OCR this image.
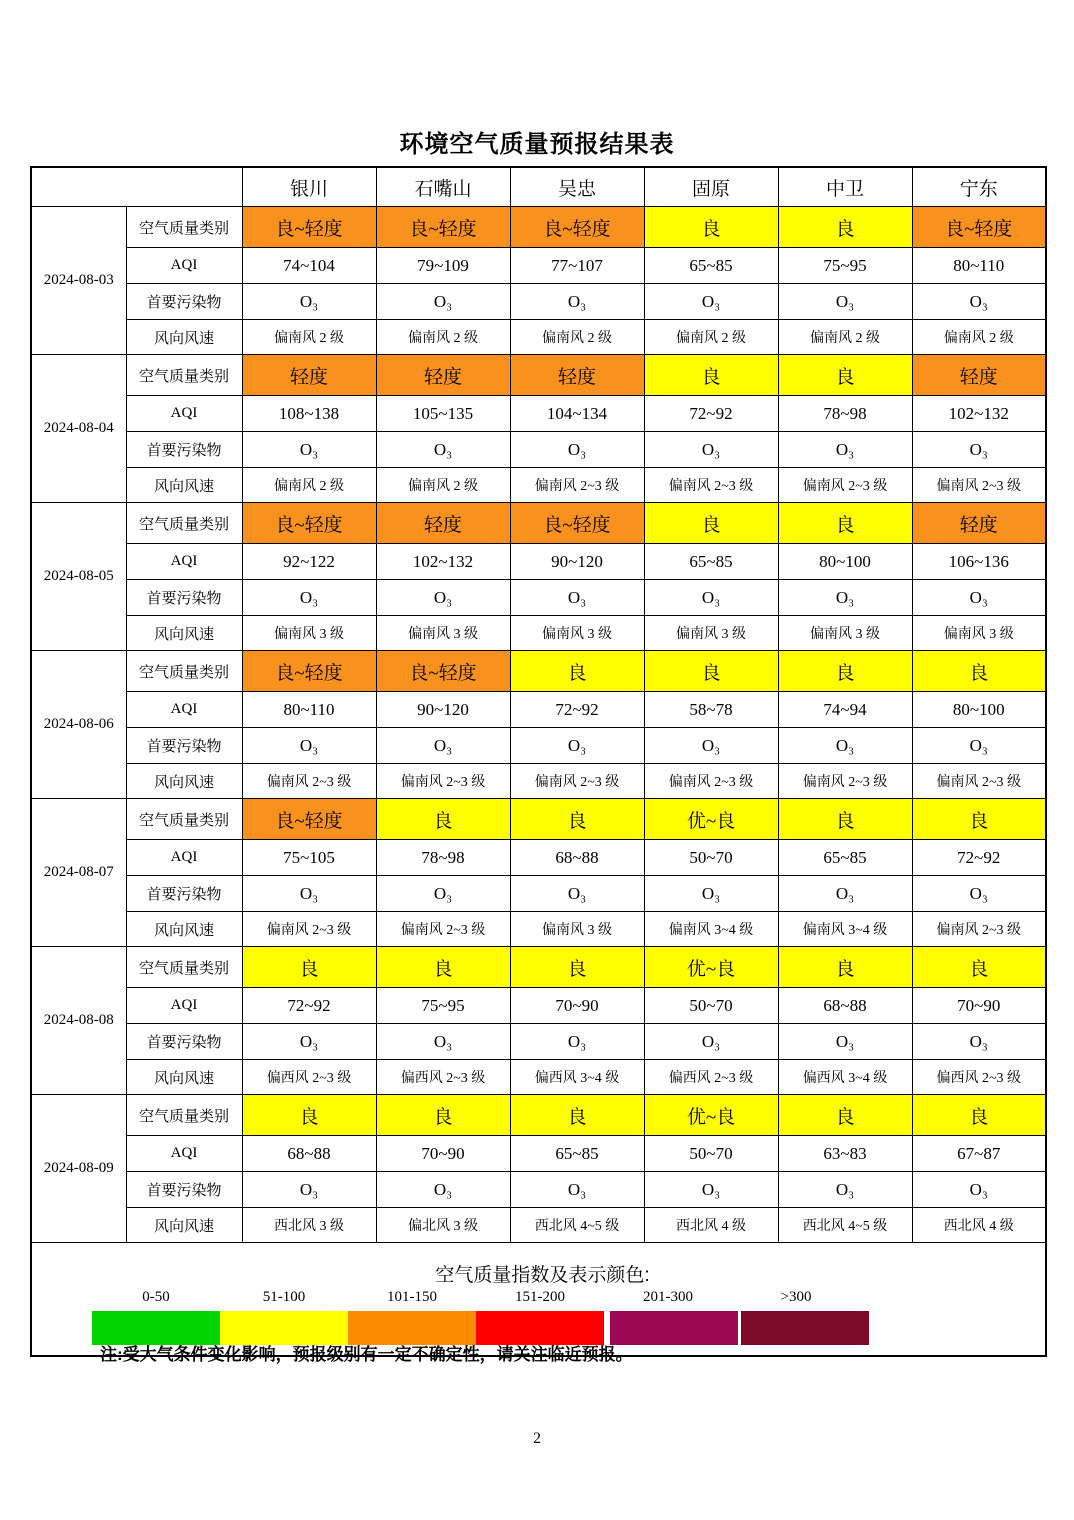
环境空气质量预报结果表
		银川	石嘴山	吴忠	固原	中卫	宁东
2024-08-03	空气质量类别	良~轻度	良~轻度	良~轻度	良	良	良~轻度
	AQI	74~104	79~109	77~107	65~85	75~95	80~110
	首要污染物	O₃	O₃	O₃	O₃	O₃	O₃
	风向风速	偏南风 2 级	偏南风 2 级	偏南风 2 级	偏南风 2 级	偏南风 2 级	偏南风 2 级
2024-08-04	空气质量类别	轻度	轻度	轻度	良	良	轻度
	AQI	108~138	105~135	104~134	72~92	78~98	102~132
	首要污染物	O₃	O₃	O₃	O₃	O₃	O₃
	风向风速	偏南风 2 级	偏南风 2 级	偏南风 2~3 级	偏南风 2~3 级	偏南风 2~3 级	偏南风 2~3 级
2024-08-05	空气质量类别	良~轻度	轻度	良~轻度	良	良	轻度
	AQI	92~122	102~132	90~120	65~85	80~100	106~136
	首要污染物	O₃	O₃	O₃	O₃	O₃	O₃
	风向风速	偏南风 3 级	偏南风 3 级	偏南风 3 级	偏南风 3 级	偏南风 3 级	偏南风 3 级
2024-08-06	空气质量类别	良~轻度	良~轻度	良	良	良	良
	AQI	80~110	90~120	72~92	58~78	74~94	80~100
	首要污染物	O₃	O₃	O₃	O₃	O₃	O₃
	风向风速	偏南风 2~3 级	偏南风 2~3 级	偏南风 2~3 级	偏南风 2~3 级	偏南风 2~3 级	偏南风 2~3 级
2024-08-07	空气质量类别	良~轻度	良	良	优~良	良	良
	AQI	75~105	78~98	68~88	50~70	65~85	72~92
	首要污染物	O₃	O₃	O₃	O₃	O₃	O₃
	风向风速	偏南风 2~3 级	偏南风 2~3 级	偏南风 3 级	偏南风 3~4 级	偏南风 3~4 级	偏南风 2~3 级
2024-08-08	空气质量类别	良	良	良	优~良	良	良
	AQI	72~92	75~95	70~90	50~70	68~88	70~90
	首要污染物	O₃	O₃	O₃	O₃	O₃	O₃
	风向风速	偏西风 2~3 级	偏西风 2~3 级	偏西风 3~4 级	偏西风 2~3 级	偏西风 3~4 级	偏西风 2~3 级
2024-08-09	空气质量类别	良	良	良	优~良	良	良
	AQI	68~88	70~90	65~85	50~70	63~83	67~87
	首要污染物	O₃	O₃	O₃	O₃	O₃	O₃
	风向风速	西北风 3 级	偏北风 3 级	西北风 4~5 级	西北风 4 级	西北风 4~5 级	西北风 4 级

空气质量指数及表示颜色:
0-50	51-100	101-150	151-200	201-300	>300
注:受大气条件变化影响，预报级别有一定不确定性，请关注临近预报。
2
